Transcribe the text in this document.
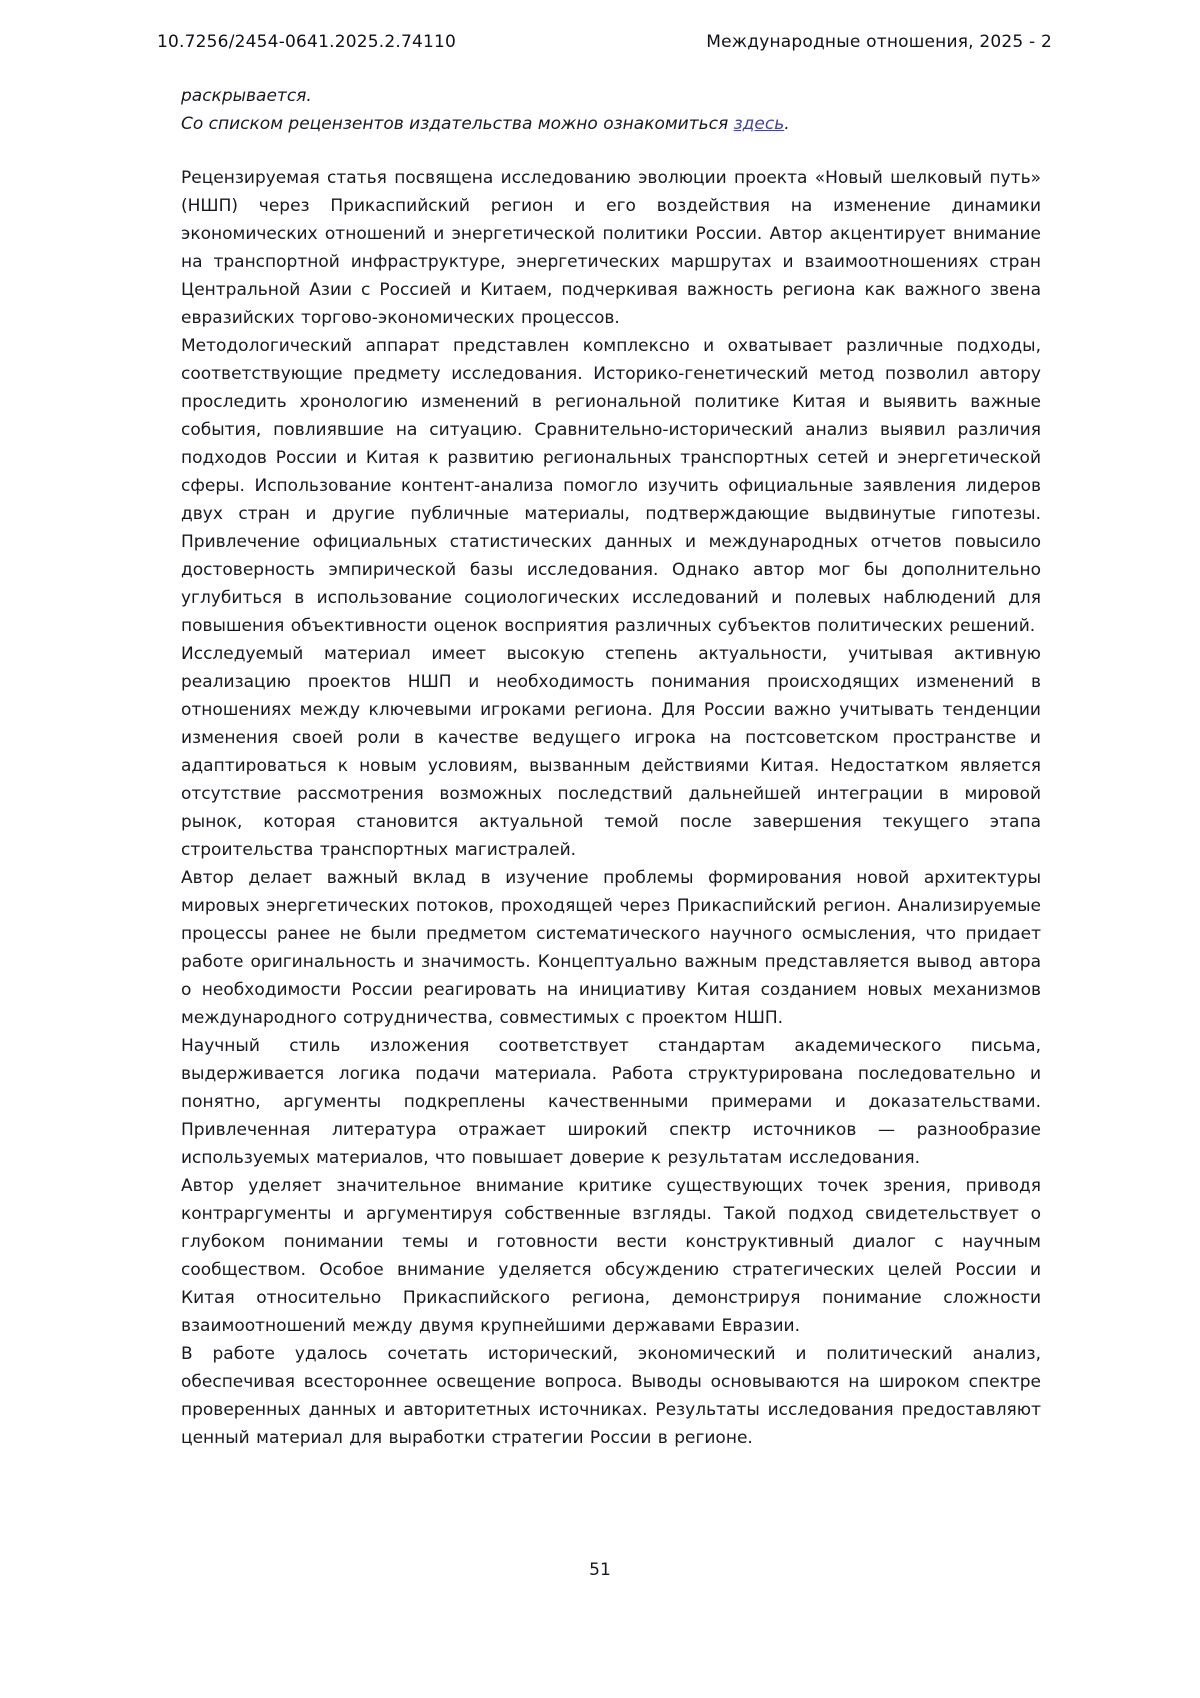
10.7256/2454-0641.2025.2.74110	Международные отношения, 2025 - 2
раскрывается.
Со списком рецензентов издательства можно ознакомиться здесь.

Рецензируемая статья посвящена исследованию эволюции проекта «Новый шелковый путь» (НШП) через Прикаспийский регион и его воздействия на изменение динамики экономических отношений и энергетической политики России. Автор акцентирует внимание на транспортной инфраструктуре, энергетических маршрутах и взаимоотношениях стран Центральной Азии с Россией и Китаем, подчеркивая важность региона как важного звена евразийских торгово-экономических процессов.

Методологический аппарат представлен комплексно и охватывает различные подходы, соответствующие предмету исследования. Историко-генетический метод позволил автору проследить хронологию изменений в региональной политике Китая и выявить важные события, повлиявшие на ситуацию. Сравнительно-исторический анализ выявил различия подходов России и Китая к развитию региональных транспортных сетей и энергетической сферы. Использование контент-анализа помогло изучить официальные заявления лидеров двух стран и другие публичные материалы, подтверждающие выдвинутые гипотезы. Привлечение официальных статистических данных и международных отчетов повысило достоверность эмпирической базы исследования. Однако автор мог бы дополнительно углубиться в использование социологических исследований и полевых наблюдений для повышения объективности оценок восприятия различных субъектов политических решений.

Исследуемый материал имеет высокую степень актуальности, учитывая активную реализацию проектов НШП и необходимость понимания происходящих изменений в отношениях между ключевыми игроками региона. Для России важно учитывать тенденции изменения своей роли в качестве ведущего игрока на постсоветском пространстве и адаптироваться к новым условиям, вызванным действиями Китая. Недостатком является отсутствие рассмотрения возможных последствий дальнейшей интеграции в мировой рынок, которая становится актуальной темой после завершения текущего этапа строительства транспортных магистралей.

Автор делает важный вклад в изучение проблемы формирования новой архитектуры мировых энергетических потоков, проходящей через Прикаспийский регион. Анализируемые процессы ранее не были предметом систематического научного осмысления, что придает работе оригинальность и значимость. Концептуально важным представляется вывод автора о необходимости России реагировать на инициативу Китая созданием новых механизмов международного сотрудничества, совместимых с проектом НШП.

Научный стиль изложения соответствует стандартам академического письма, выдерживается логика подачи материала. Работа структурирована последовательно и понятно, аргументы подкреплены качественными примерами и доказательствами. Привлеченная литература отражает широкий спектр источников — разнообразие используемых материалов, что повышает доверие к результатам исследования.

Автор уделяет значительное внимание критике существующих точек зрения, приводя контраргументы и аргументируя собственные взгляды. Такой подход свидетельствует о глубоком понимании темы и готовности вести конструктивный диалог с научным сообществом. Особое внимание уделяется обсуждению стратегических целей России и Китая относительно Прикаспийского региона, демонстрируя понимание сложности взаимоотношений между двумя крупнейшими державами Евразии.

В работе удалось сочетать исторический, экономический и политический анализ, обеспечивая всестороннее освещение вопроса. Выводы основываются на широком спектре проверенных данных и авторитетных источниках. Результаты исследования предоставляют ценный материал для выработки стратегии России в регионе.

51
